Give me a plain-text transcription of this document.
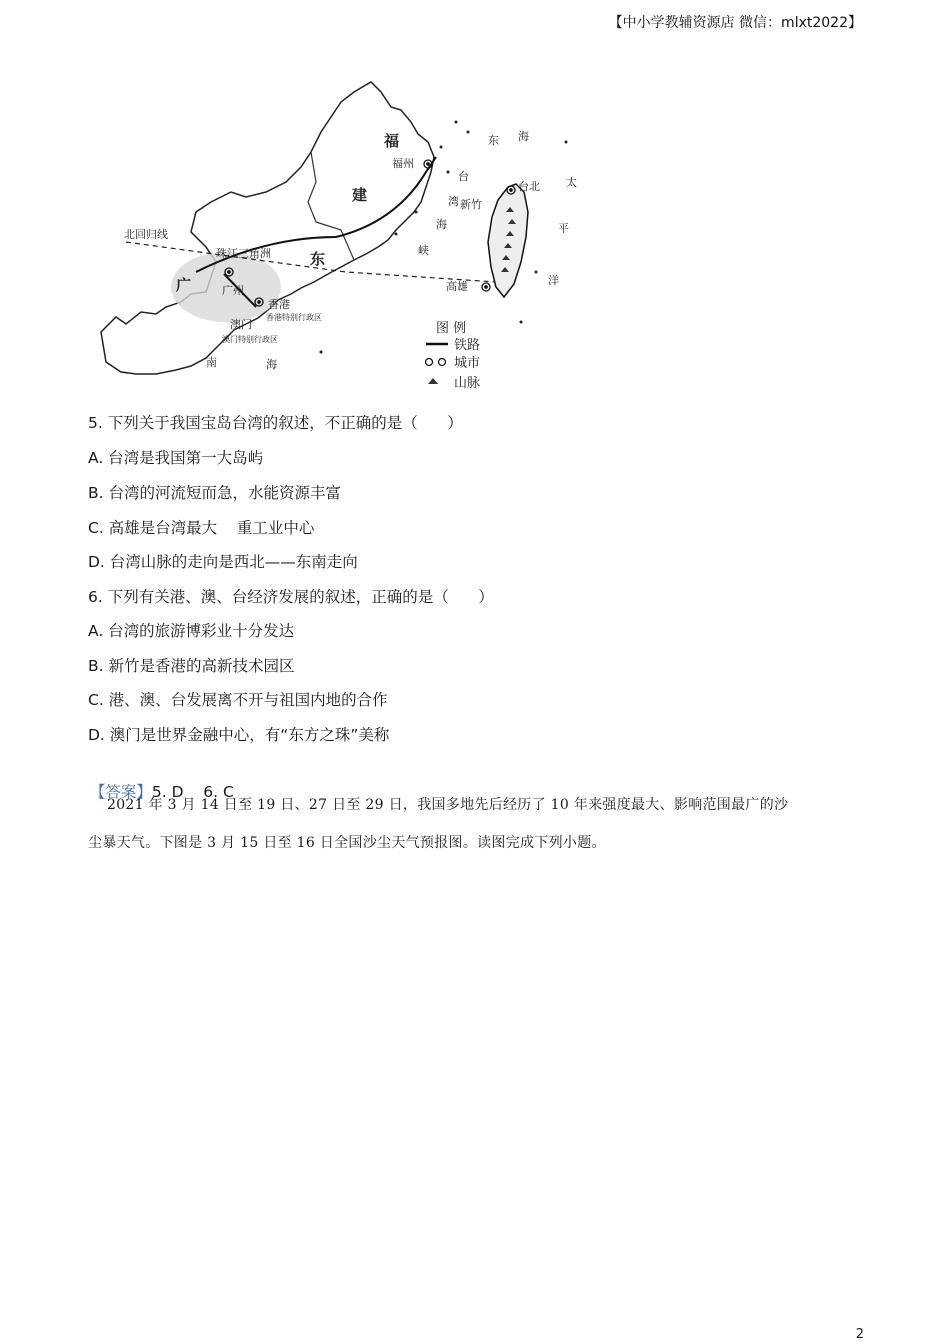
【中小学教辅资源店 微信：mlxt2022】
福
建
东
广
福州
东 海
台
湾
海
峡
台北
新竹
太
平
洋
高雄
北回归线
珠江三角洲
广州
香港
澳门
南	海
香港特别行政区
澳门特别行政区
图 例
铁路
城市
山脉
5. 下列关于我国宝岛台湾的叙述，不正确的是（      ）
A. 台湾是我国第一大岛屿
B. 台湾的河流短而急，水能资源丰富
C. 高雄是台湾最大    重工业中心
D. 台湾山脉的走向是西北——东南走向
6. 下列有关港、澳、台经济发展的叙述，正确的是（      ）
A. 台湾的旅游博彩业十分发达
B. 新竹是香港的高新技术园区
C. 港、澳、台发展离不开与祖国内地的合作
D. 澳门是世界金融中心，有“东方之珠”美称

【答案】5. D    6. C

2021 年 3 月 14 日至 19 日、27 日至 29 日，我国多地先后经历了 10 年来强度最大、影响范围最广的沙
尘暴天气。下图是 3 月 15 日至 16 日全国沙尘天气预报图。读图完成下列小题。
2
